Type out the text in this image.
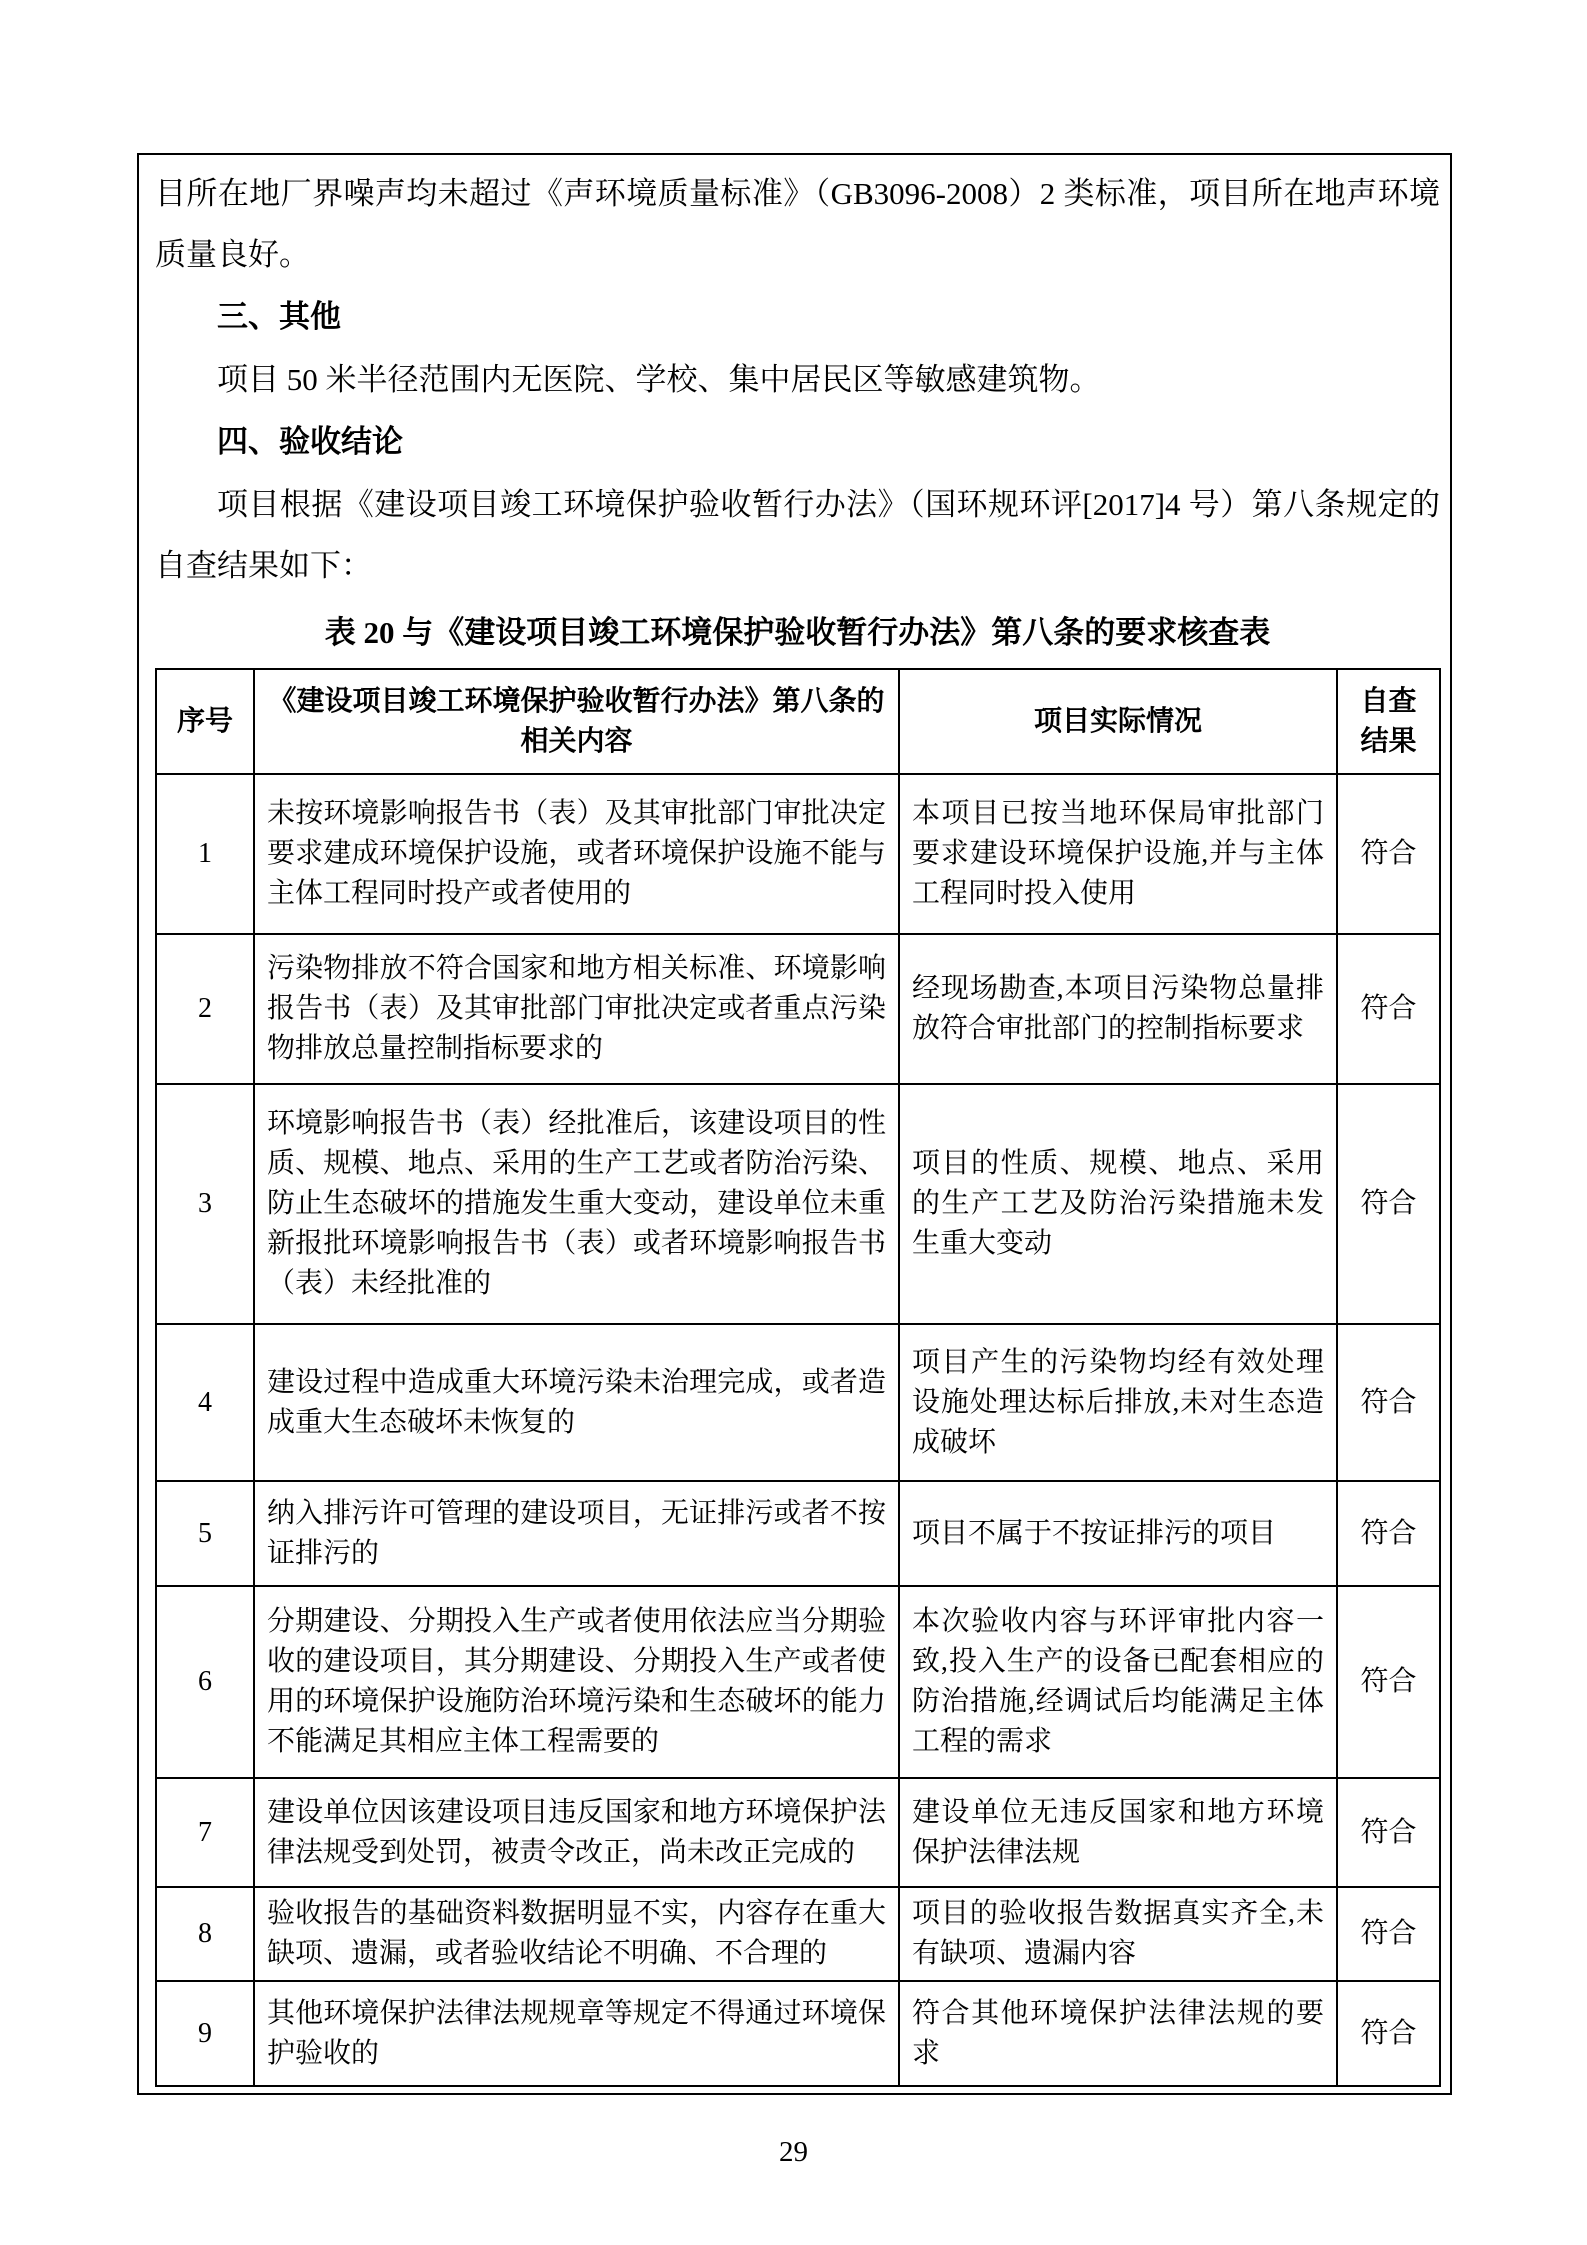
目所在地厂界噪声均未超过《声环境质量标准》（GB3096-2008）2 类标准，项目所在地声环境质量良好。

三、其他

项目 50 米半径范围内无医院、学校、集中居民区等敏感建筑物。

四、验收结论

项目根据《建设项目竣工环境保护验收暂行办法》（国环规环评[2017]4 号）第八条规定的自查结果如下：

表 20 与《建设项目竣工环境保护验收暂行办法》第八条的要求核查表
序号	《建设项目竣工环境保护验收暂行办法》第八条的相关内容	项目实际情况	自查结果
1	未按环境影响报告书（表）及其审批部门审批决定要求建成环境保护设施，或者环境保护设施不能与主体工程同时投产或者使用的	本项目已按当地环保局审批部门要求建设环境保护设施,并与主体工程同时投入使用	符合
2	污染物排放不符合国家和地方相关标准、环境影响报告书（表）及其审批部门审批决定或者重点污染物排放总量控制指标要求的	经现场勘查,本项目污染物总量排放符合审批部门的控制指标要求	符合
3	环境影响报告书（表）经批准后，该建设项目的性质、规模、地点、采用的生产工艺或者防治污染、防止生态破坏的措施发生重大变动，建设单位未重新报批环境影响报告书（表）或者环境影响报告书（表）未经批准的	项目的性质、规模、地点、采用的生产工艺及防治污染措施未发生重大变动	符合
4	建设过程中造成重大环境污染未治理完成，或者造成重大生态破坏未恢复的	项目产生的污染物均经有效处理设施处理达标后排放,未对生态造成破坏	符合
5	纳入排污许可管理的建设项目，无证排污或者不按证排污的	项目不属于不按证排污的项目	符合
6	分期建设、分期投入生产或者使用依法应当分期验收的建设项目，其分期建设、分期投入生产或者使用的环境保护设施防治环境污染和生态破坏的能力不能满足其相应主体工程需要的	本次验收内容与环评审批内容一致,投入生产的设备已配套相应的防治措施,经调试后均能满足主体工程的需求	符合
7	建设单位因该建设项目违反国家和地方环境保护法律法规受到处罚，被责令改正，尚未改正完成的	建设单位无违反国家和地方环境保护法律法规	符合
8	验收报告的基础资料数据明显不实，内容存在重大缺项、遗漏，或者验收结论不明确、不合理的	项目的验收报告数据真实齐全,未有缺项、遗漏内容	符合
9	其他环境保护法律法规规章等规定不得通过环境保护验收的	符合其他环境保护法律法规的要求	符合
29
